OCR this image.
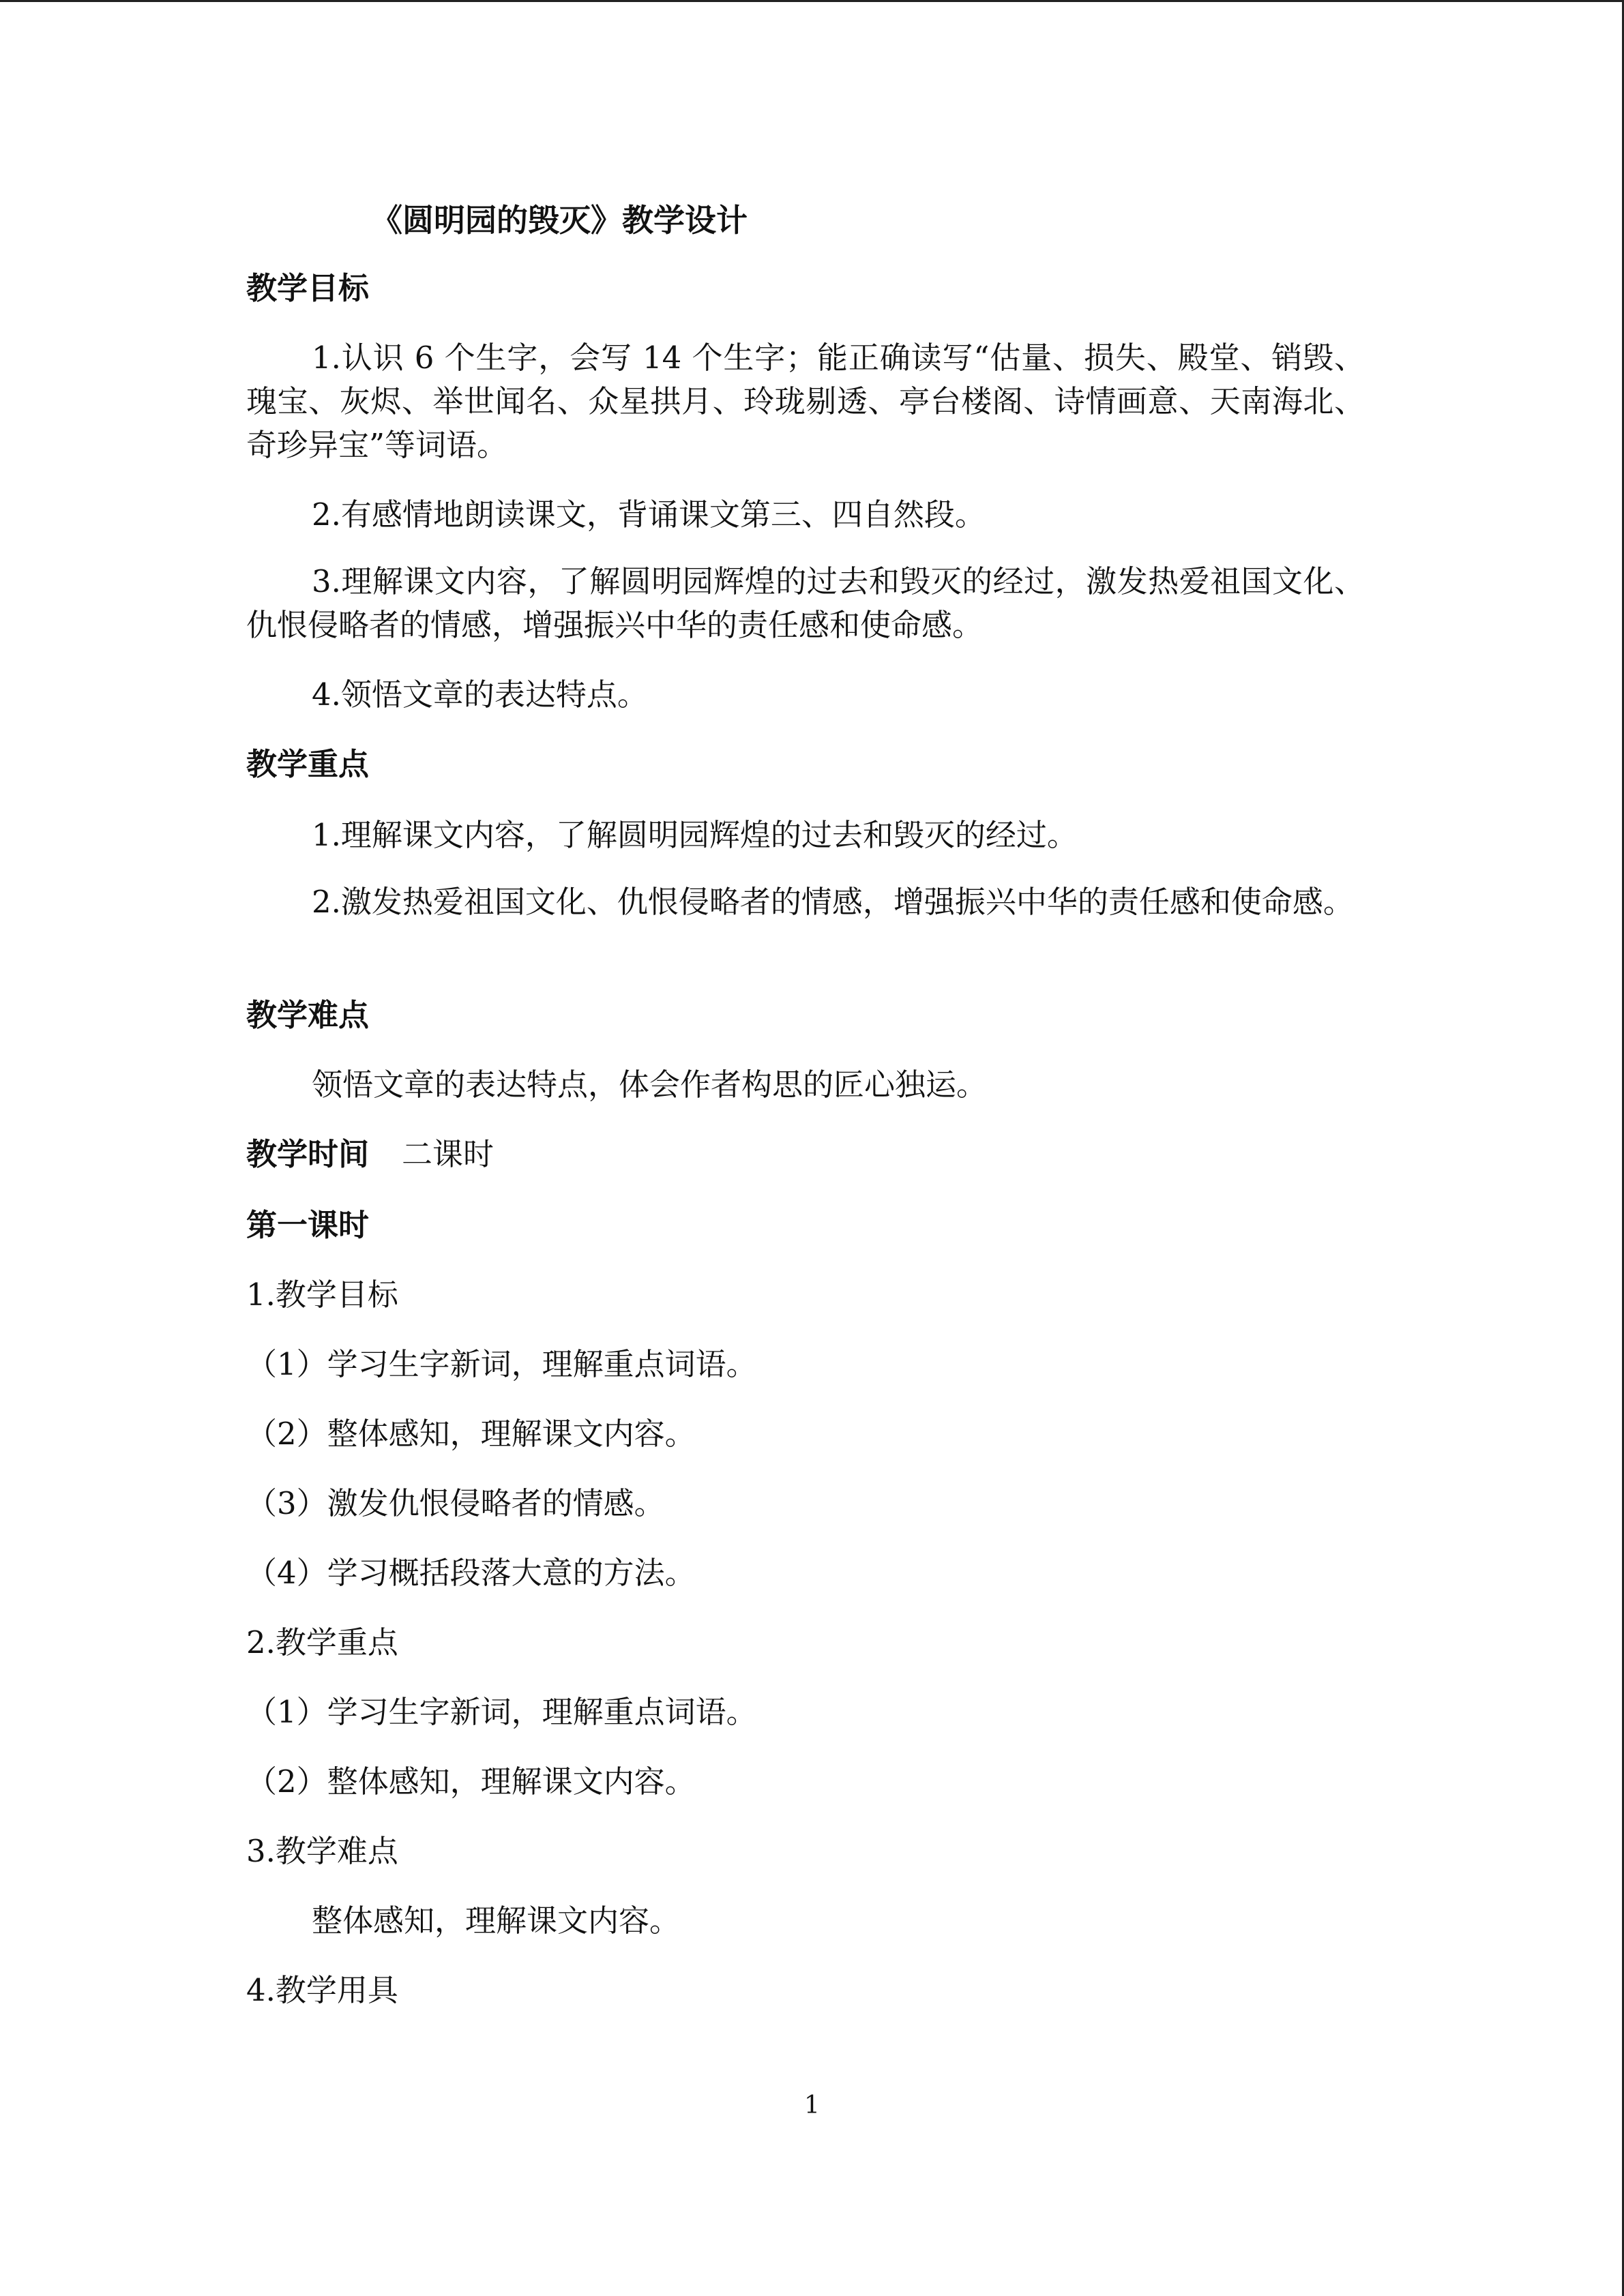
《圆明园的毁灭》教学设计
教学目标
1.认识 6 个生字，会写 14 个生字；能正确读写“估量、损失、殿堂、销毁、瑰宝、灰烬、举世闻名、众星拱月、玲珑剔透、亭台楼阁、诗情画意、天南海北、奇珍异宝”等词语。
2.有感情地朗读课文，背诵课文第三、四自然段。
3.理解课文内容，了解圆明园辉煌的过去和毁灭的经过，激发热爱祖国文化、仇恨侵略者的情感，增强振兴中华的责任感和使命感。
4.领悟文章的表达特点。
教学重点
1.理解课文内容，了解圆明园辉煌的过去和毁灭的经过。
2.激发热爱祖国文化、仇恨侵略者的情感，增强振兴中华的责任感和使命感。
教学难点
领悟文章的表达特点，体会作者构思的匠心独运。
教学时间 二课时
第一课时
1.教学目标
（1）学习生字新词，理解重点词语。
（2）整体感知，理解课文内容。
（3）激发仇恨侵略者的情感。
（4）学习概括段落大意的方法。
2.教学重点
（1）学习生字新词，理解重点词语。
（2）整体感知，理解课文内容。
3.教学难点
整体感知，理解课文内容。
4.教学用具
1
